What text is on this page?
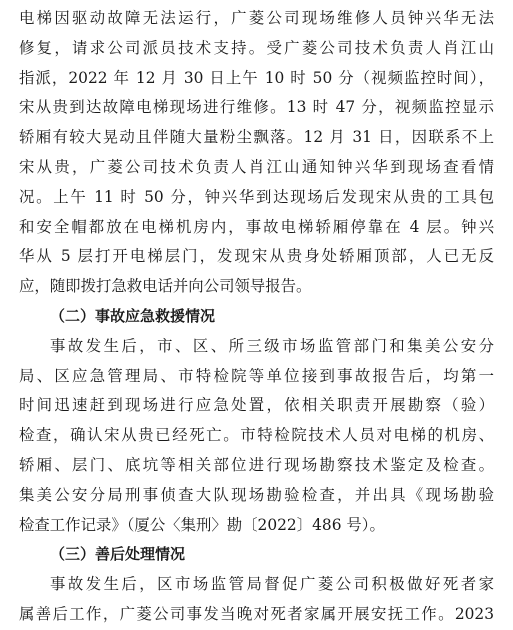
电梯因驱动故障无法运行，广菱公司现场维修人员钟兴华无法
修复，请求公司派员技术支持。受广菱公司技术负责人肖江山
指派，2022 年 12 月 30 日上午 10 时 50 分（视频监控时间），
宋从贵到达故障电梯现场进行维修。13 时 47 分，视频监控显示
轿厢有较大晃动且伴随大量粉尘飘落。12 月 31 日，因联系不上
宋从贵，广菱公司技术负责人肖江山通知钟兴华到现场查看情
况。上午 11 时 50 分，钟兴华到达现场后发现宋从贵的工具包
和安全帽都放在电梯机房内，事故电梯轿厢停靠在 4 层。钟兴
华从 5 层打开电梯层门，发现宋从贵身处轿厢顶部，人已无反
应，随即拨打急救电话并向公司领导报告。
（二）事故应急救援情况
事故发生后，市、区、所三级市场监管部门和集美公安分
局、区应急管理局、市特检院等单位接到事故报告后，均第一
时间迅速赶到现场进行应急处置，依相关职责开展勘察（验）
检查，确认宋从贵已经死亡。市特检院技术人员对电梯的机房、
轿厢、层门、底坑等相关部位进行现场勘察技术鉴定及检查。
集美公安分局刑事侦查大队现场勘验检查，并出具《现场勘验
检查工作记录》（厦公〈集刑〉勘〔2022〕486 号）。
（三）善后处理情况
事故发生后，区市场监管局督促广菱公司积极做好死者家
属善后工作，广菱公司事发当晚对死者家属开展安抚工作。2023
